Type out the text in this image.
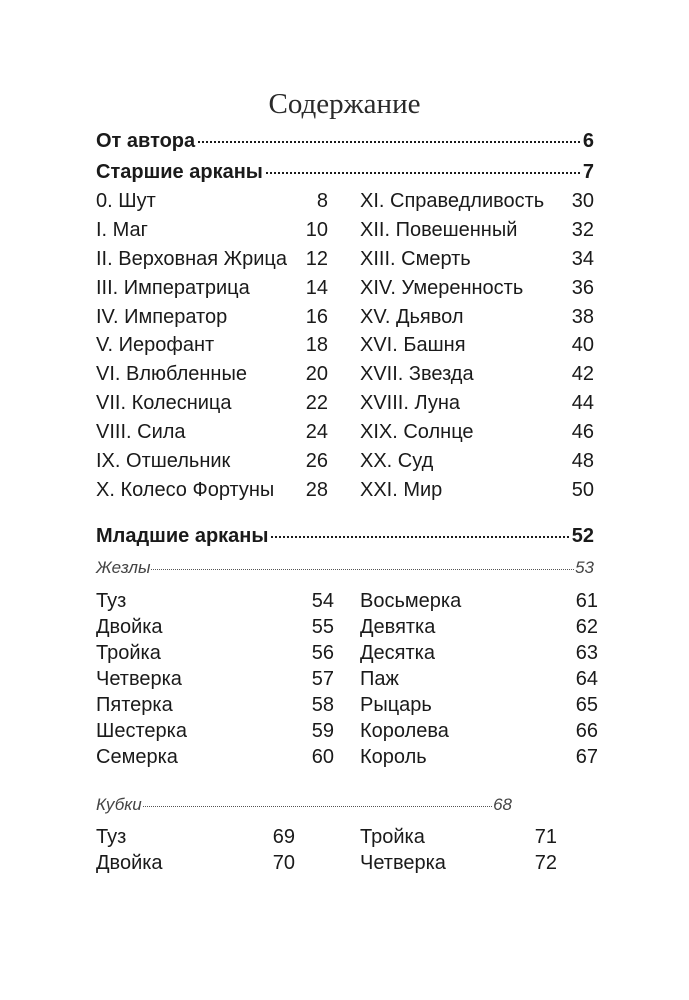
Содержание
От автора	6
Старшие арканы	7
0. Шут	8
I. Маг	10
II. Верховная Жрица 12
III. Императрица	14
IV. Император	16
V. Иерофант	18
VI. Влюбленные	20
VII. Колесница	22
VIII. Сила	24
IX. Отшельник	26
X. Колесо Фортуны 28
XI. Справедливость 30
XII. Повешенный	32
XIII. Смерть	34
XIV. Умеренность 36
XV. Дьявол	38
XVI. Башня	40
XVII. Звезда	42
XVIII. Луна	44
XIX. Солнце	46
XX. Суд	48
XXI. Мир	50
Младшие арканы	52
Жезлы	53
Туз	54
Двойка	55
Тройка	56
Четверка	57
Пятерка	58
Шестерка	59
Семерка	60
Восьмерка	61
Девятка	62
Десятка	63
Паж	64
Рыцарь	65
Королева	66
Король	67
Кубки	68
Туз	69
Двойка	70
Тройка	71
Четверка	72
